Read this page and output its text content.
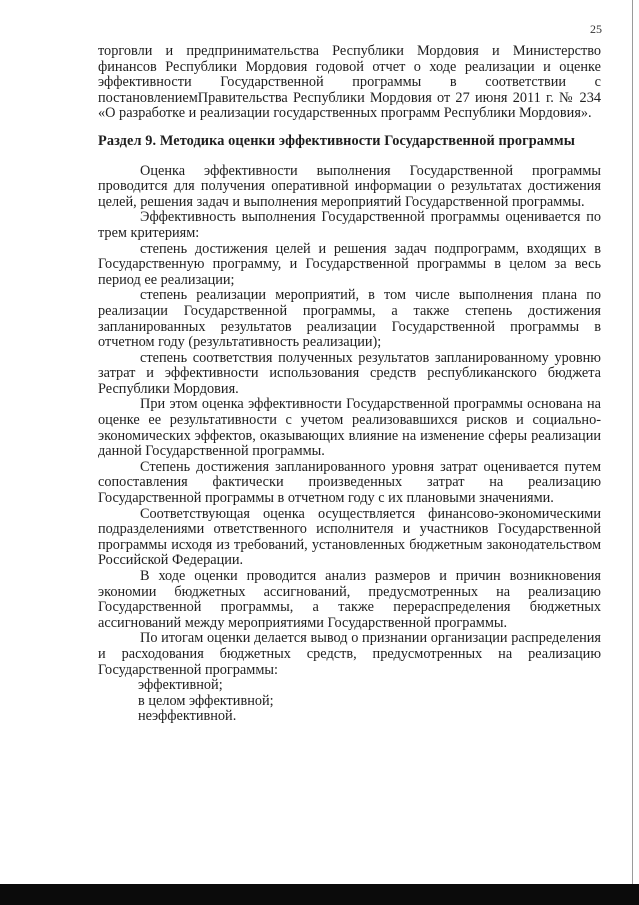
25

торговли и предпринимательства Республики Мордовия и Министерство финансов Республики Мордовия годовой отчет о ходе реализации и оценке эффективности Государственной программы в соответствии с постановлениемПравительства Республики Мордовия от 27 июня 2011 г. № 234 «О разработке и реализации государственных программ Республики Мордовия».

Раздел 9. Методика оценки эффективности Государственной программы

Оценка эффективности выполнения Государственной программы проводится для получения оперативной информации о результатах достижения целей, решения задач и выполнения мероприятий Государственной программы.

Эффективность выполнения Государственной программы оценивается по трем критериям:

степень достижения целей и решения задач подпрограмм, входящих в Государственную программу, и Государственной программы в целом за весь период ее реализации;

степень реализации мероприятий, в том числе выполнения плана по реализации Государственной программы, а также степень достижения запланированных результатов реализации Государственной программы в отчетном году (результативность реализации);

степень соответствия полученных результатов запланированному уровню затрат и эффективности использования средств республиканского бюджета Республики Мордовия.

При этом оценка эффективности Государственной программы основана на оценке ее результативности с учетом реализовавшихся рисков и социально-экономических эффектов, оказывающих влияние на изменение сферы реализации данной Государственной программы.

Степень достижения запланированного уровня затрат оценивается путем сопоставления фактически произведенных затрат на реализацию Государственной программы в отчетном году с их плановыми значениями.

Соответствующая оценка осуществляется финансово-экономическими подразделениями ответственного исполнителя и участников Государственной программы исходя из требований, установленных бюджетным законодательством Российской Федерации.

В ходе оценки проводится анализ размеров и причин возникновения экономии бюджетных ассигнований, предусмотренных на реализацию Государственной программы, а также перераспределения бюджетных ассигнований между мероприятиями Государственной программы.

По итогам оценки делается вывод о признании организации распределения и расходования бюджетных средств, предусмотренных на реализацию Государственной программы:

эффективной;

в целом эффективной;

неэффективной.
